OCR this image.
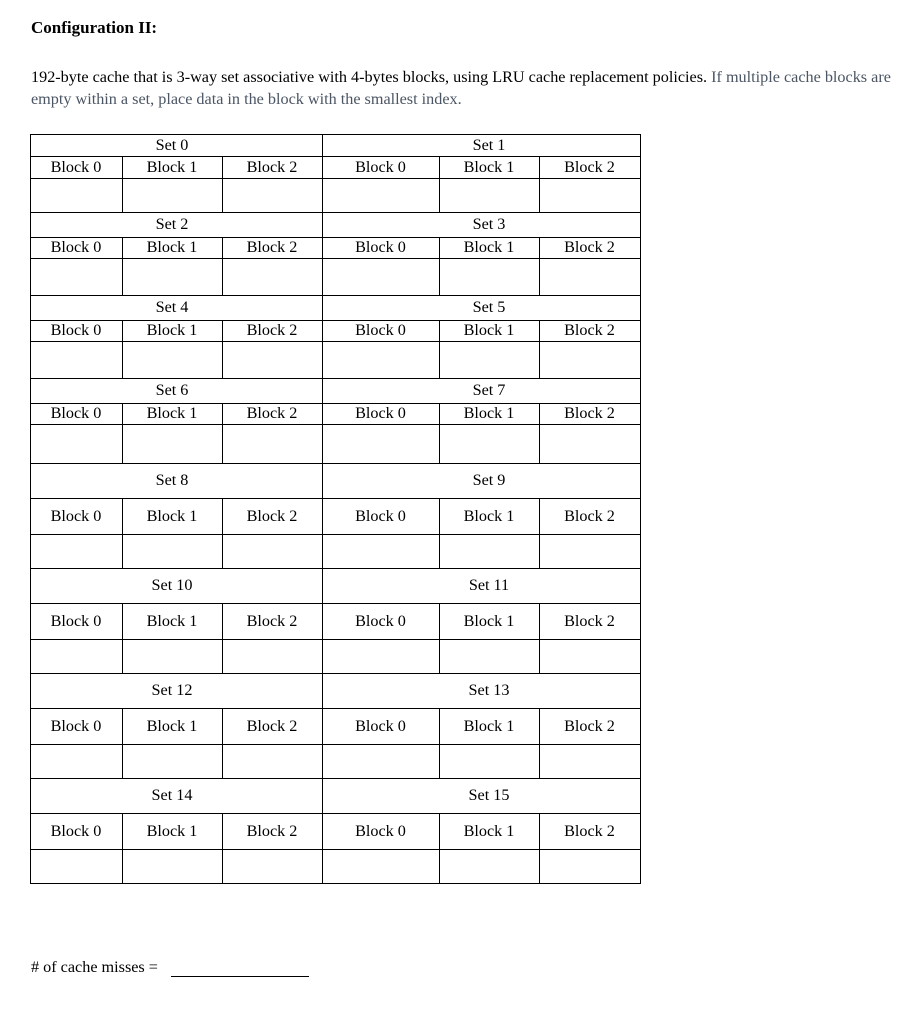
Configuration II:
192-byte cache that is 3-way set associative with 4-bytes blocks, using LRU cache replacement policies. If multiple cache blocks are empty within a set, place data in the block with the smallest index.
Set 0	Set 1
Block 0	Block 1	Block 2	Block 0	Block 1	Block 2
Set 2	Set 3
Block 0	Block 1	Block 2	Block 0	Block 1	Block 2
Set 4	Set 5
Block 0	Block 1	Block 2	Block 0	Block 1	Block 2
Set 6	Set 7
Block 0	Block 1	Block 2	Block 0	Block 1	Block 2
Set 8	Set 9
Block 0	Block 1	Block 2	Block 0	Block 1	Block 2
Set 10	Set 11
Block 0	Block 1	Block 2	Block 0	Block 1	Block 2
Set 12	Set 13
Block 0	Block 1	Block 2	Block 0	Block 1	Block 2
Set 14	Set 15
Block 0	Block 1	Block 2	Block 0	Block 1	Block 2
# of cache misses =
